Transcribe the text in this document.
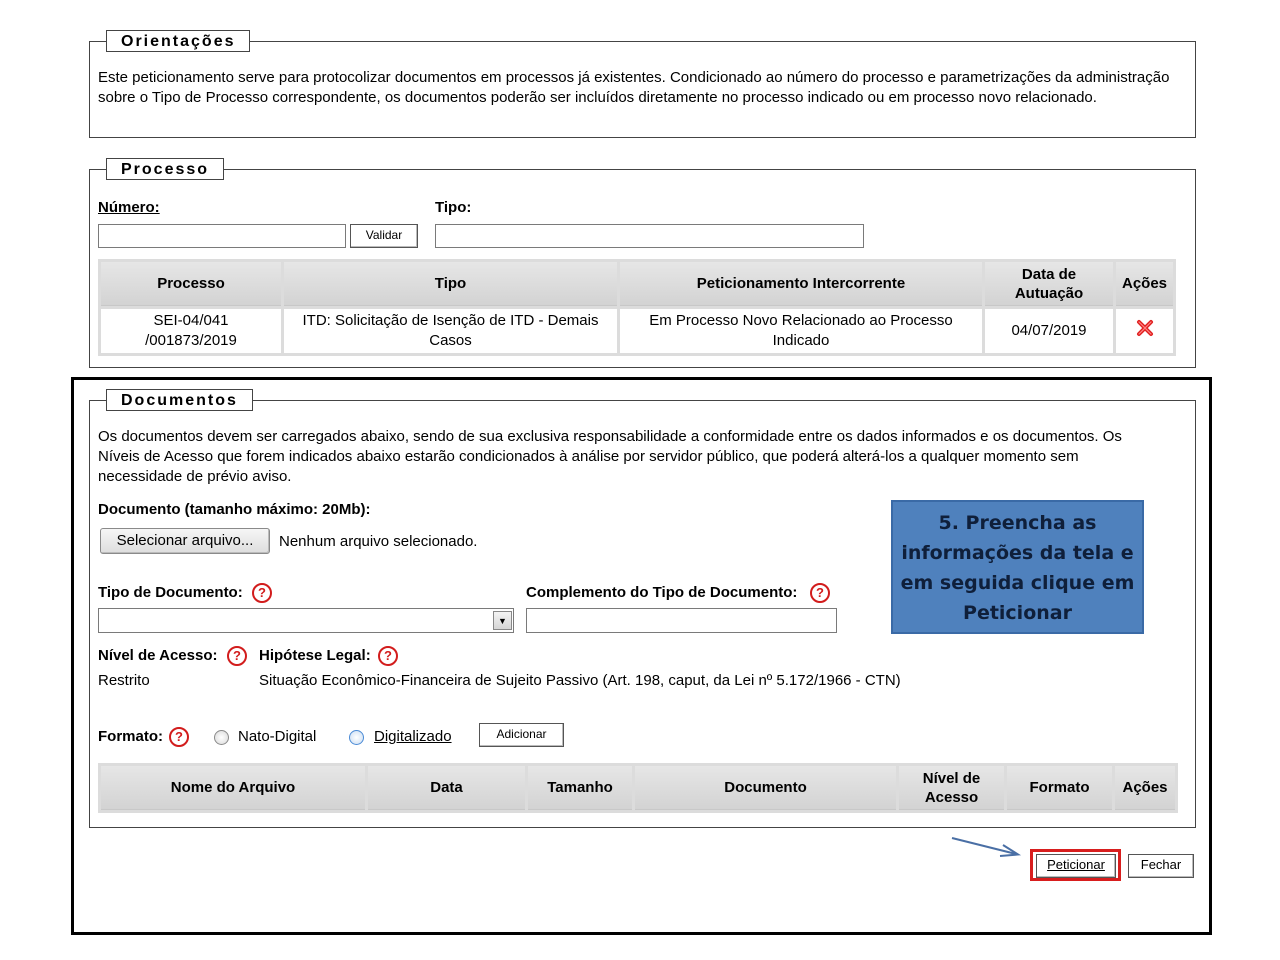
Orientações
Este peticionamento serve para protocolizar documentos em processos já existentes. Condicionado ao número do processo e parametrizações da administração sobre o Tipo de Processo correspondente, os documentos poderão ser incluídos diretamente no processo indicado ou em processo novo relacionado.
Processo
Número:
Validar
Tipo:
Processo	Tipo	Peticionamento Intercorrente	Data de Autuação	Ações
SEI-04/041 /001873/2019	ITD: Solicitação de Isenção de ITD - Demais Casos	Em Processo Novo Relacionado ao Processo Indicado	04/07/2019	
Documentos
Os documentos devem ser carregados abaixo, sendo de sua exclusiva responsabilidade a conformidade entre os dados informados e os documentos. Os Níveis de Acesso que forem indicados abaixo estarão condicionados à análise por servidor público, que poderá alterá-los a qualquer momento sem necessidade de prévio aviso.
Documento (tamanho máximo: 20Mb):
Selecionar arquivo...	Nenhum arquivo selecionado.
Tipo de Documento:	?
▼
Complemento do Tipo de Documento:	?
Nível de Acesso:	?	Hipótese Legal:	?
Restrito	Situação Econômico-Financeira de Sujeito Passivo (Art. 198, caput, da Lei nº 5.172/1966 - CTN)
Formato: ?	Nato-Digital	Digitalizado	Adicionar
Nome do Arquivo	Data	Tamanho	Documento	Nível de Acesso	Formato	Ações
5. Preencha as informações da tela e em seguida clique em Peticionar
Peticionar	Fechar
